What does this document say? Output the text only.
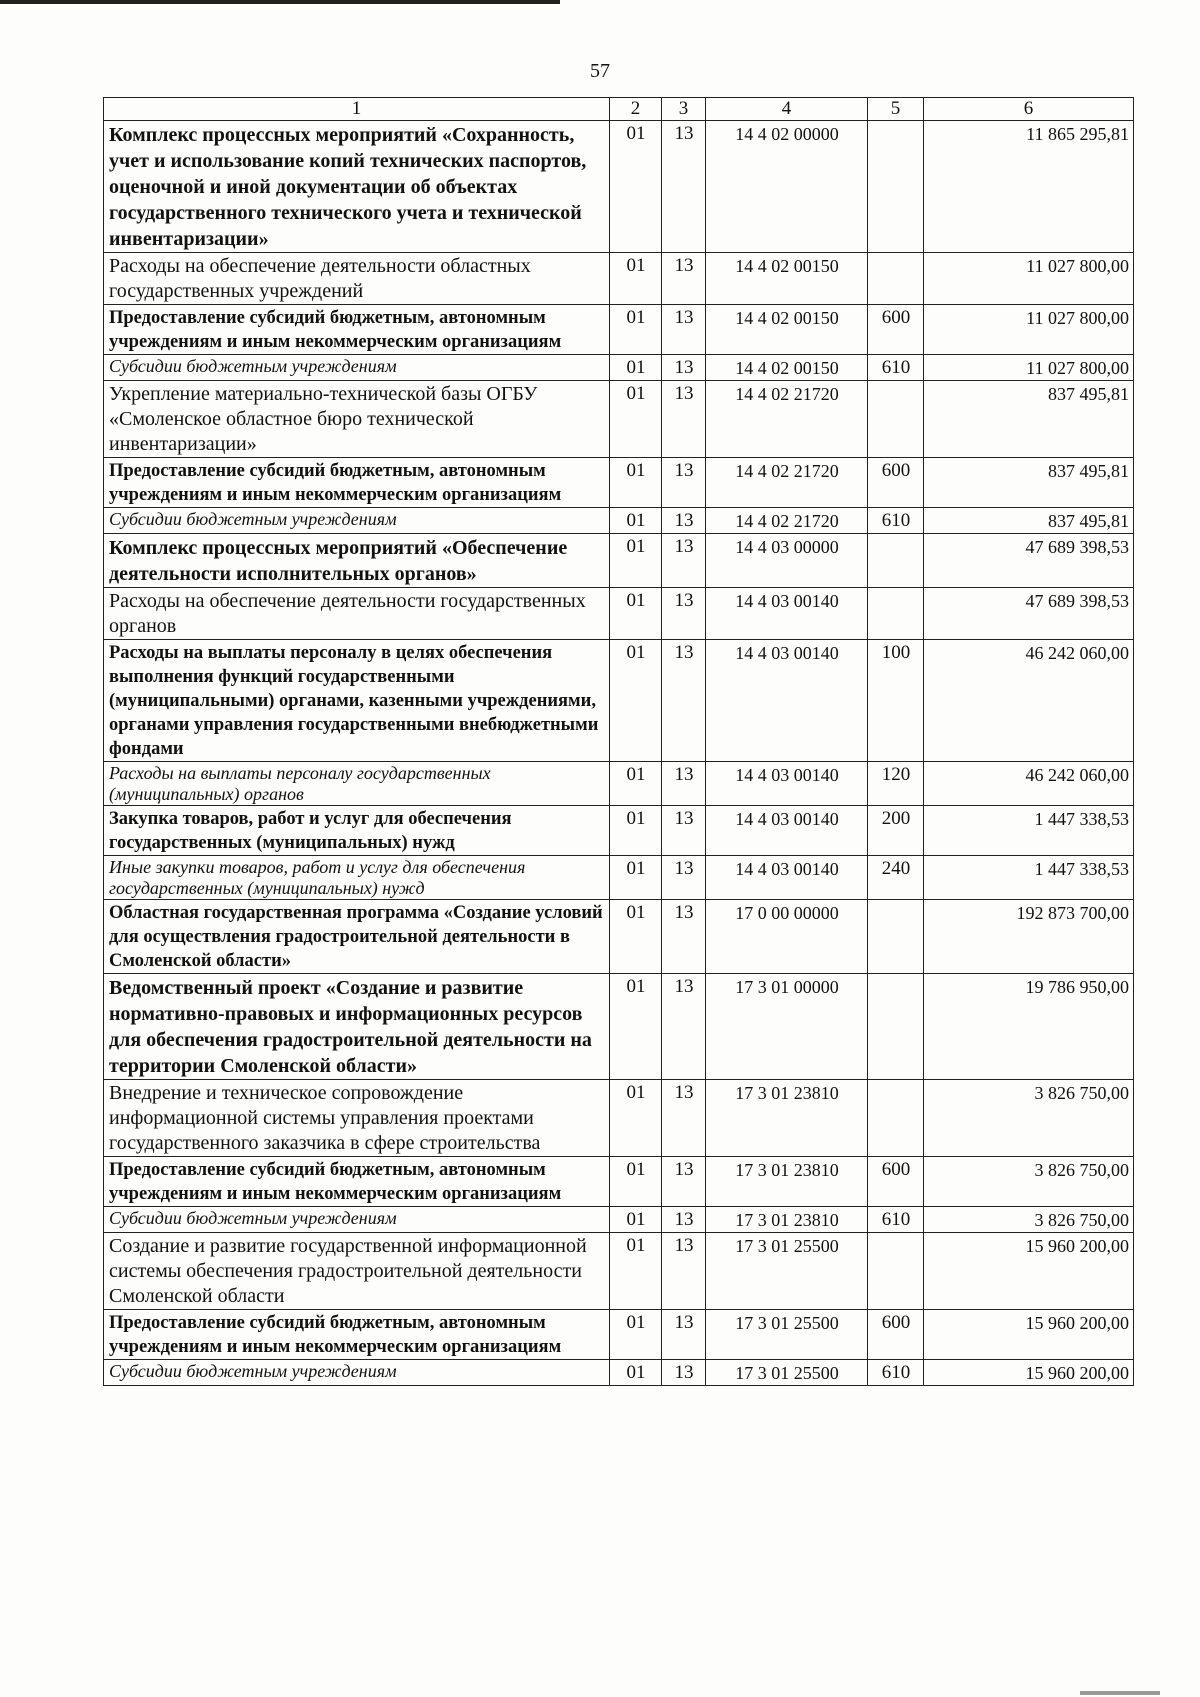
57
1	2	3	4	5	6
Комплекс процессных мероприятий «Сохранность, учет и использование копий технических паспортов, оценочной и иной документации об объектах государственного технического учета и технической инвентаризации»	01	13	14 4 02 00000		11 865 295,81
Расходы на обеспечение деятельности областных государственных учреждений	01	13	14 4 02 00150		11 027 800,00
Предоставление субсидий бюджетным, автономным учреждениям и иным некоммерческим организациям	01	13	14 4 02 00150	600	11 027 800,00
Субсидии бюджетным учреждениям	01	13	14 4 02 00150	610	11 027 800,00
Укрепление материально-технической базы ОГБУ «Смоленское областное бюро технической инвентаризации»	01	13	14 4 02 21720		837 495,81
Предоставление субсидий бюджетным, автономным учреждениям и иным некоммерческим организациям	01	13	14 4 02 21720	600	837 495,81
Субсидии бюджетным учреждениям	01	13	14 4 02 21720	610	837 495,81
Комплекс процессных мероприятий «Обеспечение деятельности исполнительных органов»	01	13	14 4 03 00000		47 689 398,53
Расходы на обеспечение деятельности государственных органов	01	13	14 4 03 00140		47 689 398,53
Расходы на выплаты персоналу в целях обеспечения выполнения функций государственными (муниципальными) органами, казенными учреждениями, органами управления государственными внебюджетными фондами	01	13	14 4 03 00140	100	46 242 060,00
Расходы на выплаты персоналу государственных (муниципальных) органов	01	13	14 4 03 00140	120	46 242 060,00
Закупка товаров, работ и услуг для обеспечения государственных (муниципальных) нужд	01	13	14 4 03 00140	200	1 447 338,53
Иные закупки товаров, работ и услуг для обеспечения государственных (муниципальных) нужд	01	13	14 4 03 00140	240	1 447 338,53
Областная государственная программа «Создание условий для осуществления градостроительной деятельности в Смоленской области»	01	13	17 0 00 00000		192 873 700,00
Ведомственный проект «Создание и развитие нормативно-правовых и информационных ресурсов для обеспечения градостроительной деятельности на территории Смоленской области»	01	13	17 3 01 00000		19 786 950,00
Внедрение и техническое сопровождение информационной системы управления проектами государственного заказчика в сфере строительства	01	13	17 3 01 23810		3 826 750,00
Предоставление субсидий бюджетным, автономным учреждениям и иным некоммерческим организациям	01	13	17 3 01 23810	600	3 826 750,00
Субсидии бюджетным учреждениям	01	13	17 3 01 23810	610	3 826 750,00
Создание и развитие государственной информационной системы обеспечения градостроительной деятельности Смоленской области	01	13	17 3 01 25500		15 960 200,00
Предоставление субсидий бюджетным, автономным учреждениям и иным некоммерческим организациям	01	13	17 3 01 25500	600	15 960 200,00
Субсидии бюджетным учреждениям	01	13	17 3 01 25500	610	15 960 200,00
